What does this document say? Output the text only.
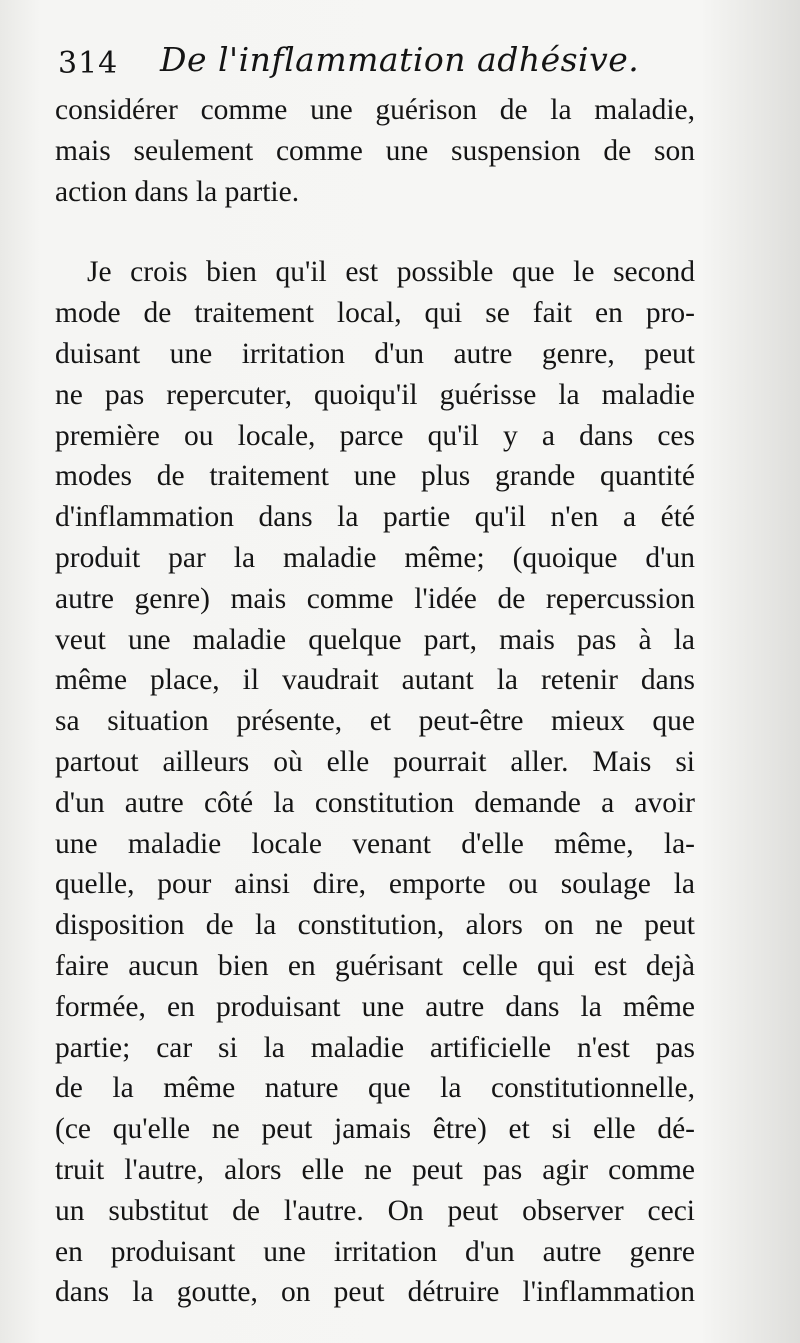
314 De l'inflammation adhésive.
considérer comme une guérison de la maladie,
mais seulement comme une suspension de son
action dans la partie.
Je crois bien qu'il est possible que le second
mode de traitement local, qui se fait en pro-
duisant une irritation d'un autre genre, peut
ne pas repercuter, quoiqu'il guérisse la maladie
première ou locale, parce qu'il y a dans ces
modes de traitement une plus grande quantité
d'inflammation dans la partie qu'il n'en a été
produit par la maladie même; (quoique d'un
autre genre) mais comme l'idée de repercussion
veut une maladie quelque part, mais pas à la
même place, il vaudrait autant la retenir dans
sa situation présente, et peut-être mieux que
partout ailleurs où elle pourrait aller. Mais si
d'un autre côté la constitution demande a avoir
une maladie locale venant d'elle même, la-
quelle, pour ainsi dire, emporte ou soulage la
disposition de la constitution, alors on ne peut
faire aucun bien en guérisant celle qui est dejà
formée, en produisant une autre dans la même
partie; car si la maladie artificielle n'est pas
de la même nature que la constitutionnelle,
(ce qu'elle ne peut jamais être) et si elle dé-
truit l'autre, alors elle ne peut pas agir comme
un substitut de l'autre. On peut observer ceci
en produisant une irritation d'un autre genre
dans la goutte, on peut détruire l'inflammation
